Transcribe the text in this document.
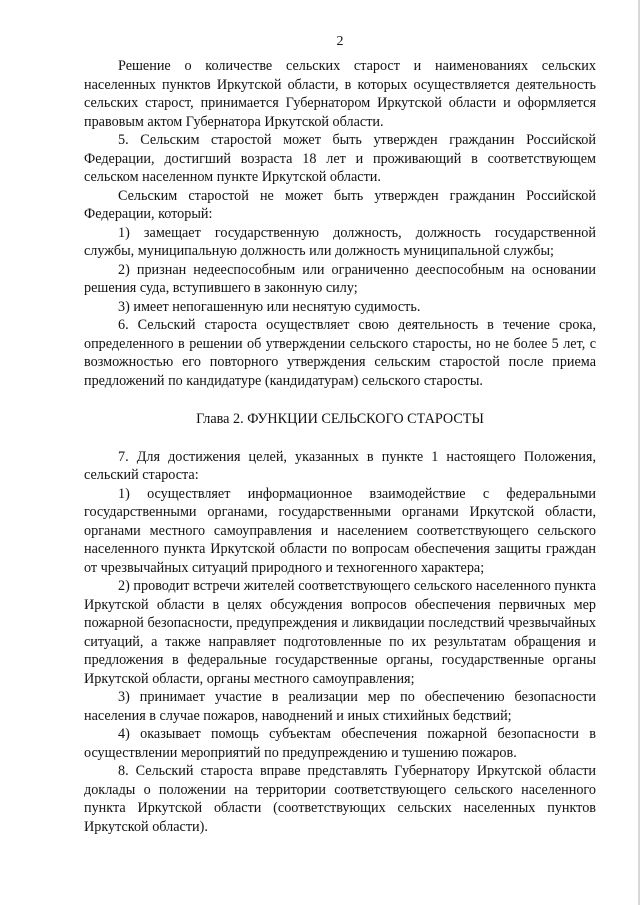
2

Решение о количестве сельских старост и наименованиях сельских населенных пунктов Иркутской области, в которых осуществляется деятельность сельских старост, принимается Губернатором Иркутской области и оформляется правовым актом Губернатора Иркутской области.

5. Сельским старостой может быть утвержден гражданин Российской Федерации, достигший возраста 18 лет и проживающий в соответствующем сельском населенном пункте Иркутской области.

Сельским старостой не может быть утвержден гражданин Российской Федерации, который:

1) замещает государственную должность, должность государственной службы, муниципальную должность или должность муниципальной службы;

2) признан недееспособным или ограниченно дееспособным на основании решения суда, вступившего в законную силу;

3) имеет непогашенную или неснятую судимость.

6. Сельский староста осуществляет свою деятельность в течение срока, определенного в решении об утверждении сельского старосты, но не более 5 лет, с возможностью его повторного утверждения сельским старостой после приема предложений по кандидатуре (кандидатурам) сельского старосты.

Глава 2. ФУНКЦИИ СЕЛЬСКОГО СТАРОСТЫ

7. Для достижения целей, указанных в пункте 1 настоящего Положения, сельский староста:

1) осуществляет информационное взаимодействие с федеральными государственными органами, государственными органами Иркутской области, органами местного самоуправления и населением соответствующего сельского населенного пункта Иркутской области по вопросам обеспечения защиты граждан от чрезвычайных ситуаций природного и техногенного характера;

2) проводит встречи жителей соответствующего сельского населенного пункта Иркутской области в целях обсуждения вопросов обеспечения первичных мер пожарной безопасности, предупреждения и ликвидации последствий чрезвычайных ситуаций, а также направляет подготовленные по их результатам обращения и предложения в федеральные государственные органы, государственные органы Иркутской области, органы местного самоуправления;

3) принимает участие в реализации мер по обеспечению безопасности населения в случае пожаров, наводнений и иных стихийных бедствий;

4) оказывает помощь субъектам обеспечения пожарной безопасности в осуществлении мероприятий по предупреждению и тушению пожаров.

8. Сельский староста вправе представлять Губернатору Иркутской области доклады о положении на территории соответствующего сельского населенного пункта Иркутской области (соответствующих сельских населенных пунктов Иркутской области).
